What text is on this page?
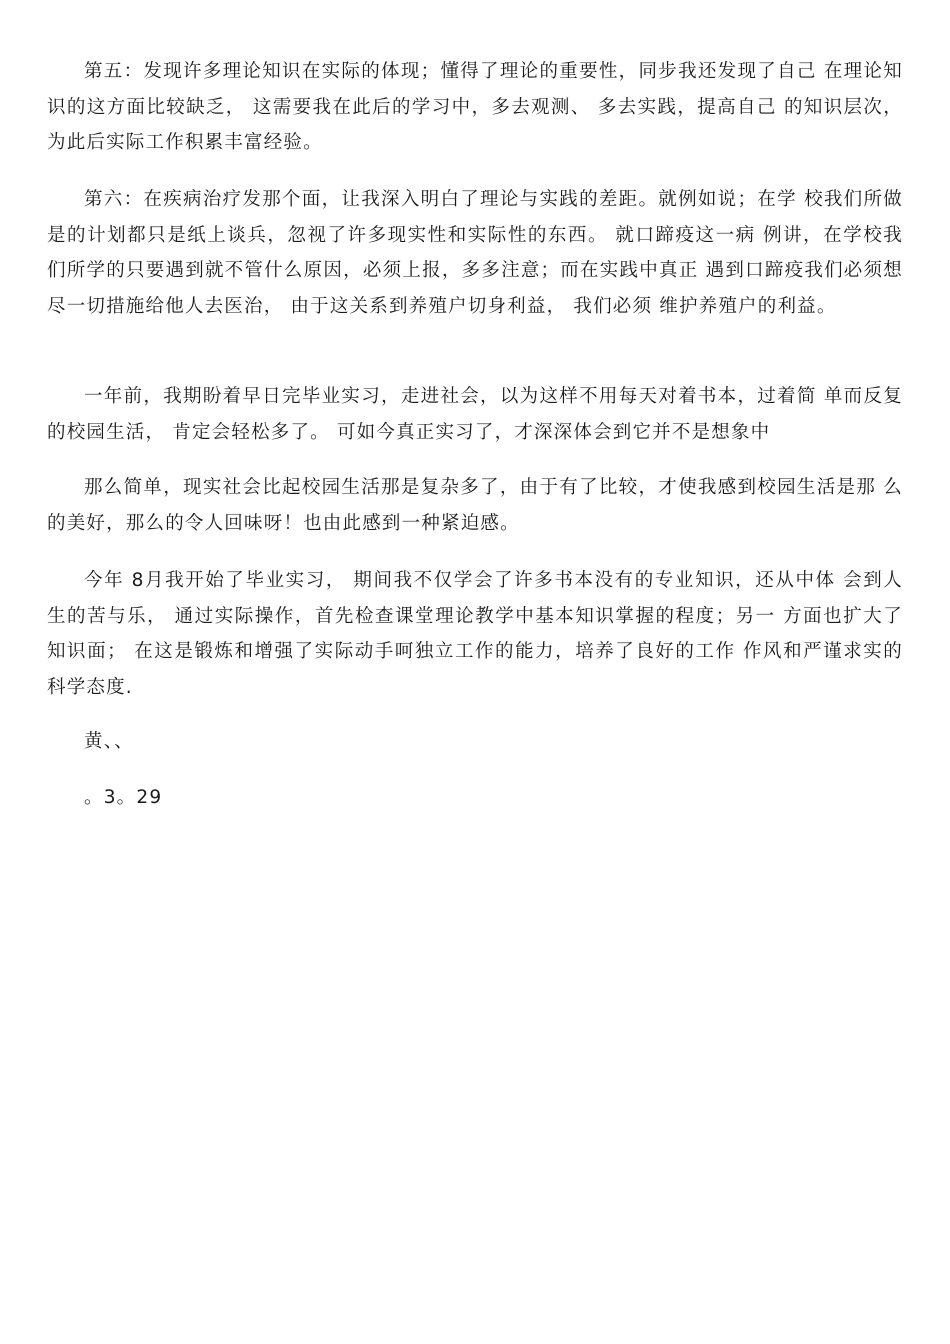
第五：发现许多理论知识在实际的体现；懂得了理论的重要性，同步我还发现了自己 在理论知识的这方面比较缺乏， 这需要我在此后的学习中，多去观测、 多去实践，提高自己 的知识层次，为此后实际工作积累丰富经验。

第六：在疾病治疗发那个面，让我深入明白了理论与实践的差距。就例如说；在学 校我们所做是的计划都只是纸上谈兵，忽视了许多现实性和实际性的东西。 就口蹄疫这一病 例讲，在学校我们所学的只要遇到就不管什么原因，必须上报，多多注意；而在实践中真正 遇到口蹄疫我们必须想尽一切措施给他人去医治， 由于这关系到养殖户切身利益， 我们必须 维护养殖户的利益。

一年前，我期盼着早日完毕业实习，走进社会，以为这样不用每天对着书本，过着简 单而反复的校园生活， 肯定会轻松多了。 可如今真正实习了，才深深体会到它并不是想象中

那么简单，现实社会比起校园生活那是复杂多了，由于有了比较，才使我感到校园生活是那 么的美好，那么的令人回味呀！也由此感到一种紧迫感。

今年 8月我开始了毕业实习， 期间我不仅学会了许多书本没有的专业知识，还从中体 会到人生的苦与乐， 通过实际操作，首先检查课堂理论教学中基本知识掌握的程度；另一 方面也扩大了知识面； 在这是锻炼和增强了实际动手呵独立工作的能力，培养了良好的工作 作风和严谨求实的科学态度.

黄、、

。3。29
